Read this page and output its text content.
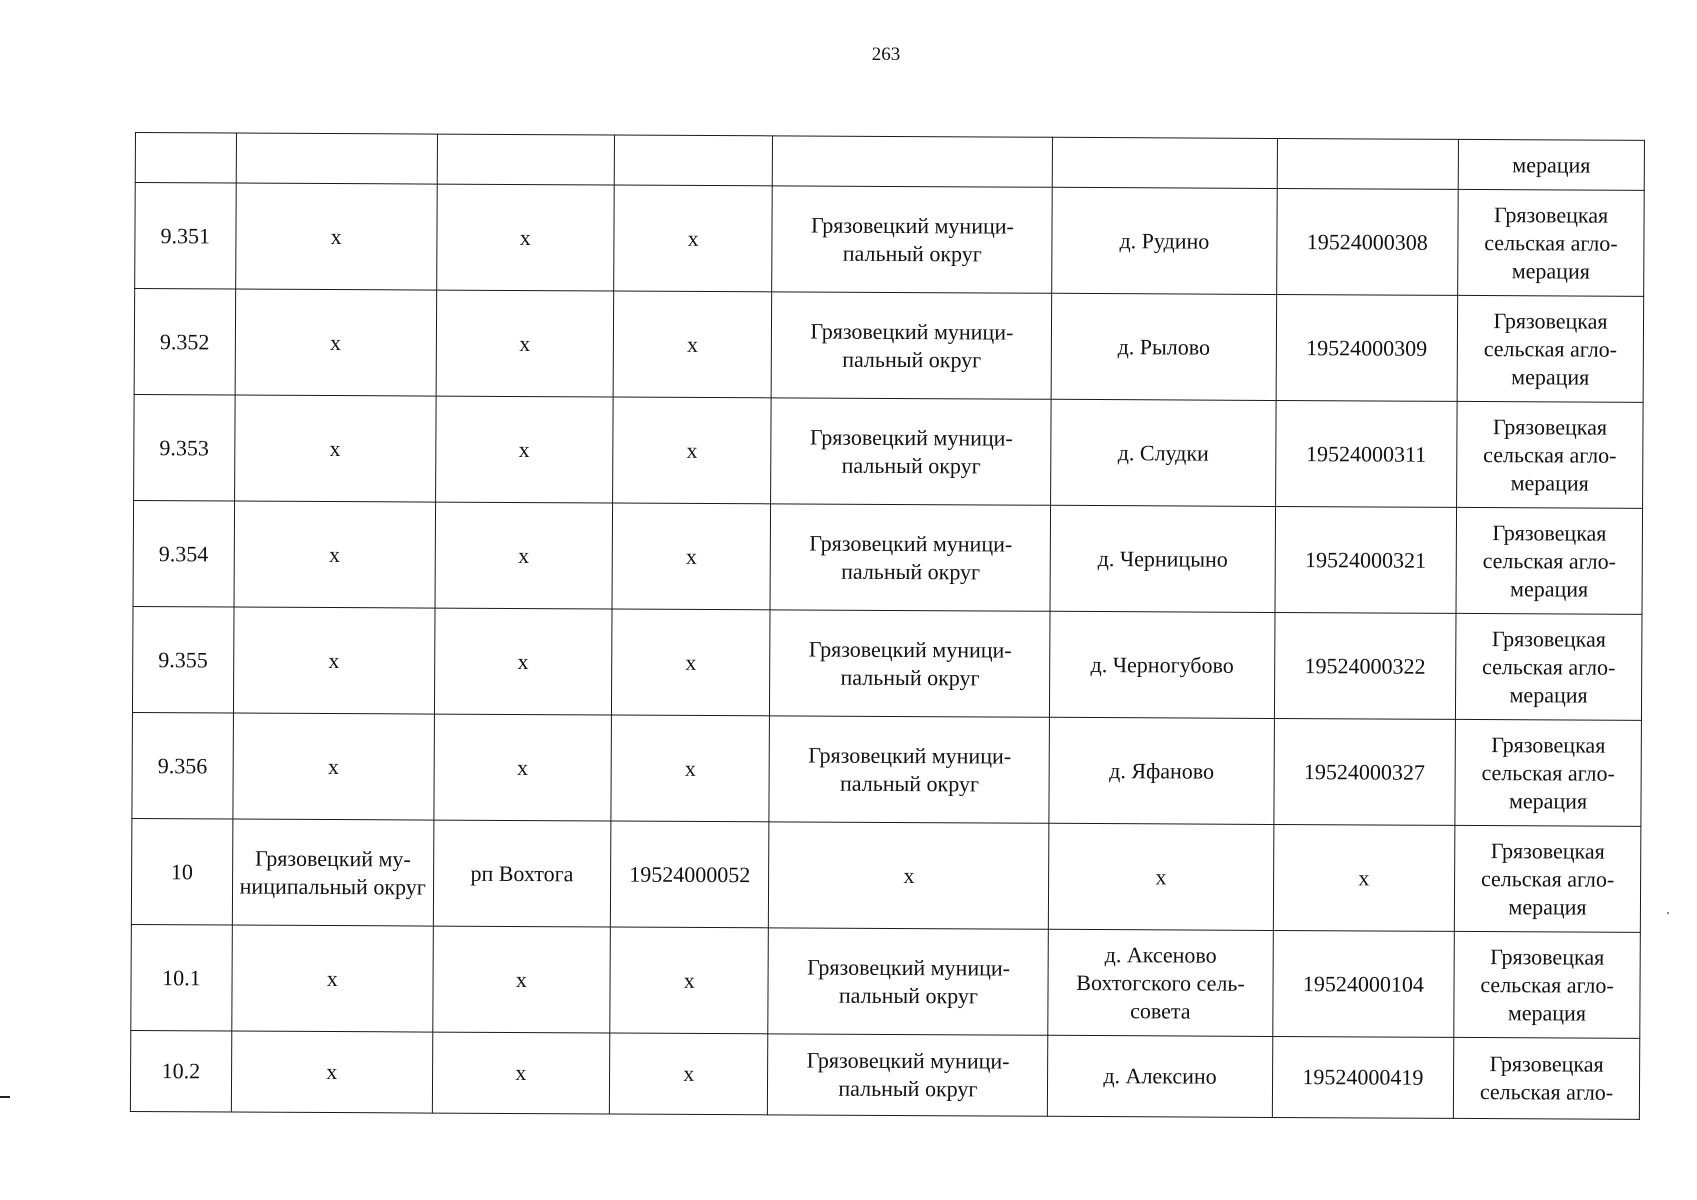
263
							мерация
9.351	х	х	х	Грязовецкий муници-пальный округ	д. Рудино	19524000308	Грязовецкая сельская агло-мерация
9.352	х	х	х	Грязовецкий муници-пальный округ	д. Рылово	19524000309	Грязовецкая сельская агло-мерация
9.353	х	х	х	Грязовецкий муници-пальный округ	д. Слудки	19524000311	Грязовецкая сельская агло-мерация
9.354	х	х	х	Грязовецкий муници-пальный округ	д. Черницыно	19524000321	Грязовецкая сельская агло-мерация
9.355	х	х	х	Грязовецкий муници-пальный округ	д. Черногубово	19524000322	Грязовецкая сельская агло-мерация
9.356	х	х	х	Грязовецкий муници-пальный округ	д. Яфаново	19524000327	Грязовецкая сельская агло-мерация
10	Грязовецкий му-ниципальный округ	рп Вохтога	19524000052	х	х	х	Грязовецкая сельская агло-мерация
10.1	х	х	х	Грязовецкий муници-пальный округ	д. Аксеново Вохтогского сель-совета	19524000104	Грязовецкая сельская агло-мерация
10.2	х	х	х	Грязовецкий муници-пальный округ	д. Алексино	19524000419	Грязовецкая сельская агло-
